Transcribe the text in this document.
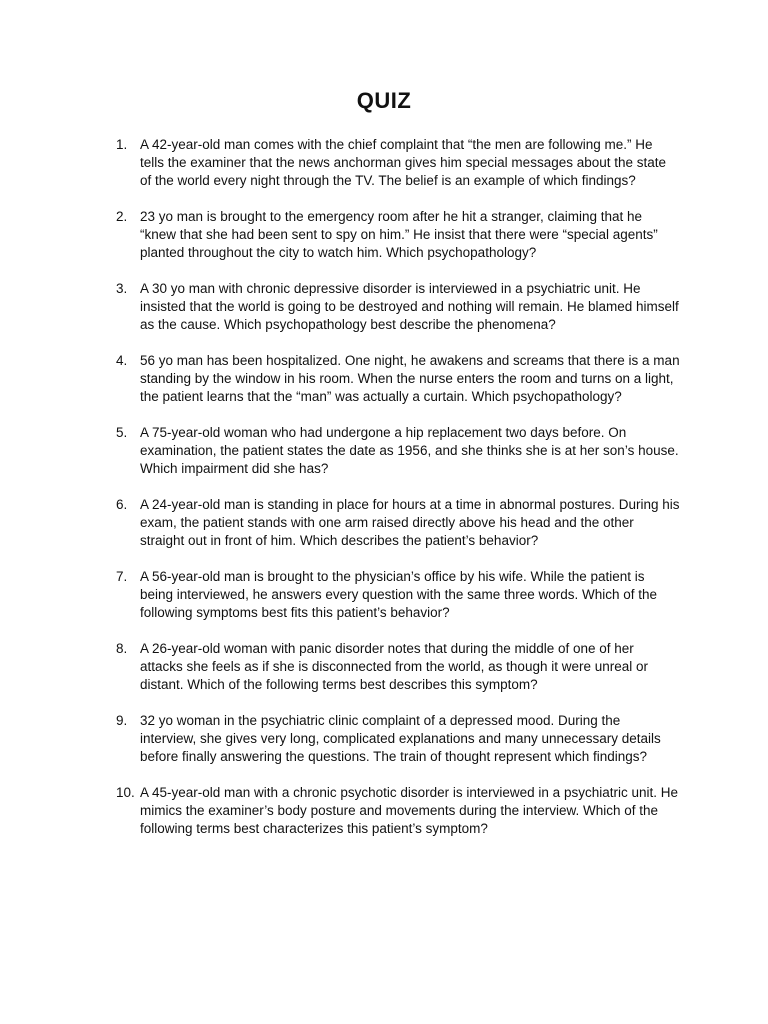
QUIZ
1. A 42-year-old man comes with the chief complaint that “the men are following me.” He tells the examiner that the news anchorman gives him special messages about the state of the world every night through the TV. The belief is an example of which findings?
2. 23 yo man is brought to the emergency room after he hit a stranger, claiming that he “knew that she had been sent to spy on him.” He insist that there were “special agents” planted throughout the city to watch him. Which psychopathology?
3. A 30 yo man with chronic depressive disorder is interviewed in a psychiatric unit. He insisted that the world is going to be destroyed and nothing will remain. He blamed himself as the cause. Which psychopathology best describe the phenomena?
4. 56 yo man has been hospitalized. One night, he awakens and screams that there is a man standing by the window in his room. When the nurse enters the room and turns on a light, the patient learns that the “man” was actually a curtain. Which psychopathology?
5. A 75-year-old woman who had undergone a hip replacement two days before. On examination, the patient states the date as 1956, and she thinks she is at her son’s house. Which impairment did she has?
6. A 24-year-old man is standing in place for hours at a time in abnormal postures. During his exam, the patient stands with one arm raised directly above his head and the other straight out in front of him. Which describes the patient’s behavior?
7. A 56-year-old man is brought to the physician’s office by his wife. While the patient is being interviewed, he answers every question with the same three words. Which of the following symptoms best fits this patient’s behavior?
8. A 26-year-old woman with panic disorder notes that during the middle of one of her attacks she feels as if she is disconnected from the world, as though it were unreal or distant. Which of the following terms best describes this symptom?
9. 32 yo woman in the psychiatric clinic complaint of a depressed mood. During the interview, she gives very long, complicated explanations and many unnecessary details before finally answering the questions. The train of thought represent which findings?
10. A 45-year-old man with a chronic psychotic disorder is interviewed in a psychiatric unit. He mimics the examiner’s body posture and movements during the interview. Which of the following terms best characterizes this patient’s symptom?
